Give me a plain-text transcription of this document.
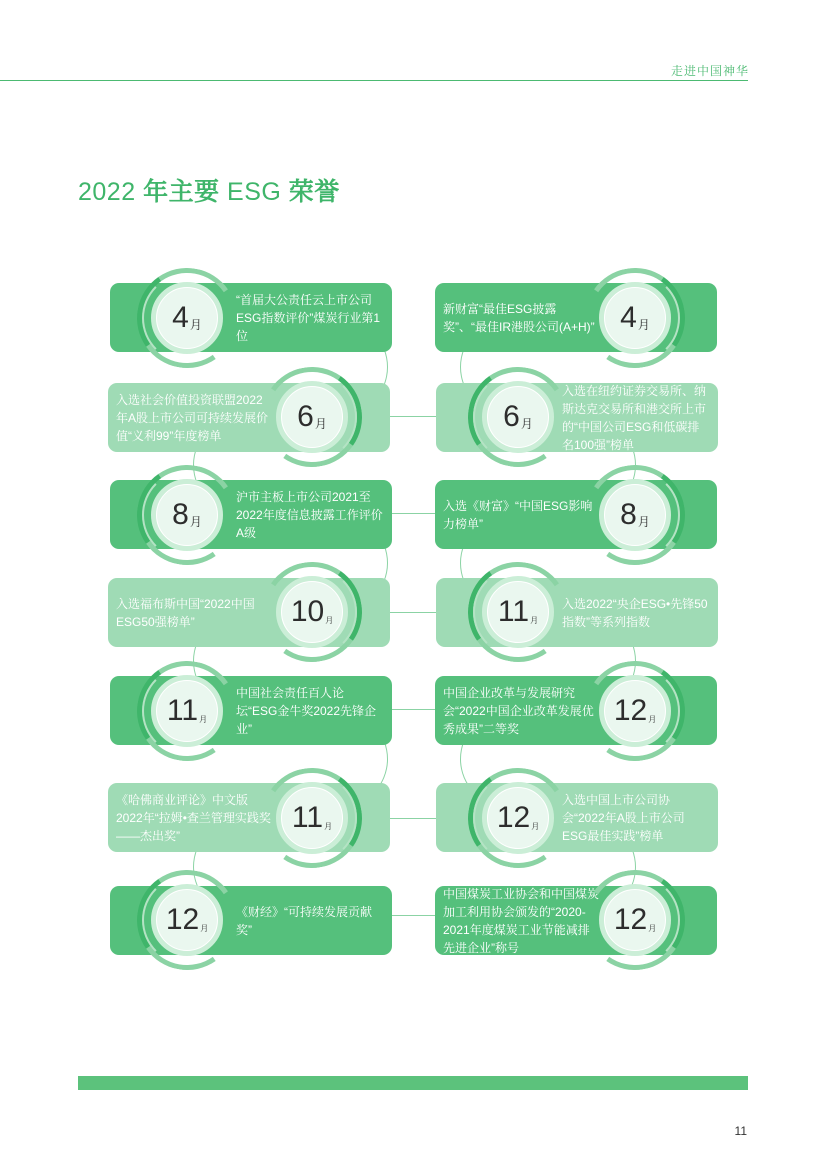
走进中国神华
2022 年主要 ESG 荣誉
“首届大公责任云上市公司ESG指数评价”煤炭行业第1位
4 月
入选社会价值投资联盟2022年A股上市公司可持续发展价值“义利99”年度榜单
6 月
沪市主板上市公司2021至2022年度信息披露工作评价A级
8 月
入选福布斯中国“2022中国ESG50强榜单”	10 月
中国社会责任百人论坛“ESG金牛奖2022先锋企业”
11 月
《哈佛商业评论》中文版2022年“拉姆•查兰管理实践奖——杰出奖”
11 月
《财经》“可持续发展贡献奖”
12 月
新财富“最佳ESG披露奖”、“最佳IR港股公司(A+H)” 4 月
入选在纽约证券交易所、纳斯达克交易所和港交所上市的“中国公司ESG和低碳排名100强”榜单
6 月
入选《财富》“中国ESG影响力榜单”	8 月
入选2022“央企ESG•先锋50指数”等系列指数
11 月
中国企业改革与发展研究会“2022中国企业改革发展优秀成果”二等奖
12 月
入选中国上市公司协会“2022年A股上市公司ESG最佳实践”榜单
12 月
中国煤炭工业协会和中国煤炭加工利用协会颁发的“2020-2021年度煤炭工业节能减排先进企业”称号
12 月
11
